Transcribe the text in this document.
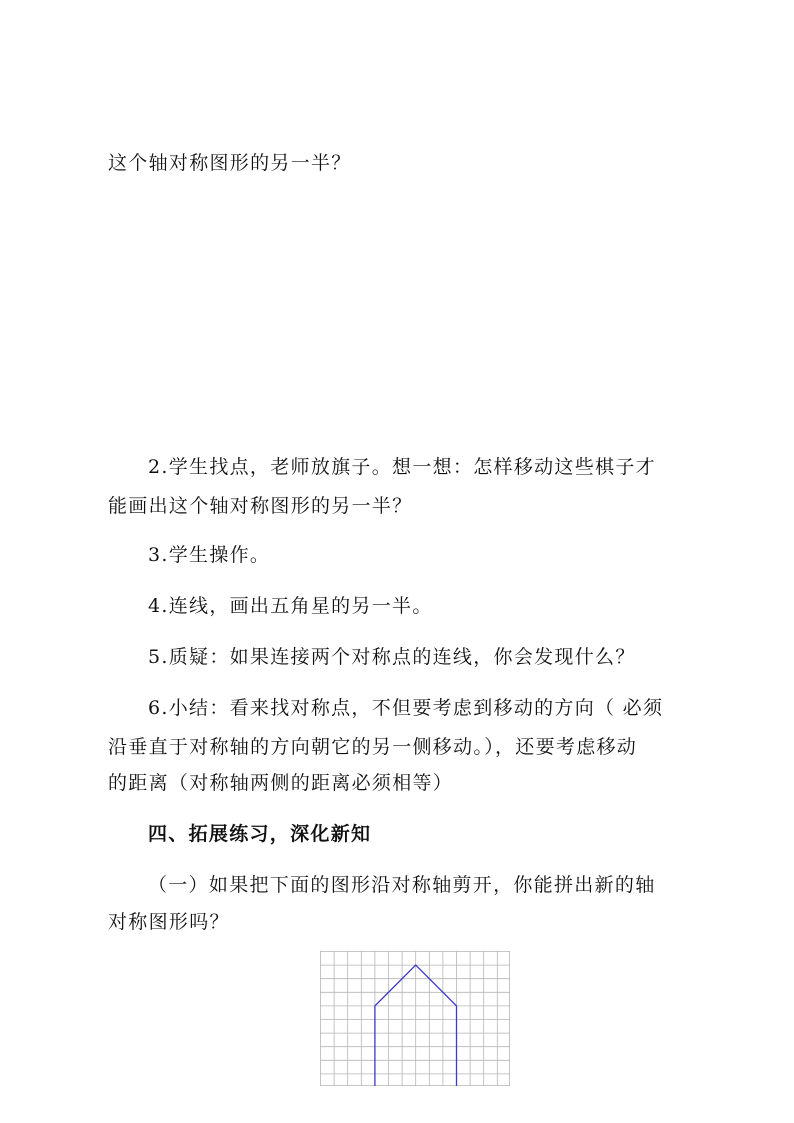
这个轴对称图形的另一半？

2.学生找点，老师放旗子。想一想：怎样移动这些棋子才

能画出这个轴对称图形的另一半？

3.学生操作。

4.连线，画出五角星的另一半。

5.质疑：如果连接两个对称点的连线，你会发现什么？

6.小结：看来找对称点，不但要考虑到移动的方向（ 必须

沿垂直于对称轴的方向朝它的另一侧移动。），还要考虑移动

的距离（对称轴两侧的距离必须相等）

四、拓展练习，深化新知

（一）如果把下面的图形沿对称轴剪开，你能拼出新的轴

对称图形吗？
